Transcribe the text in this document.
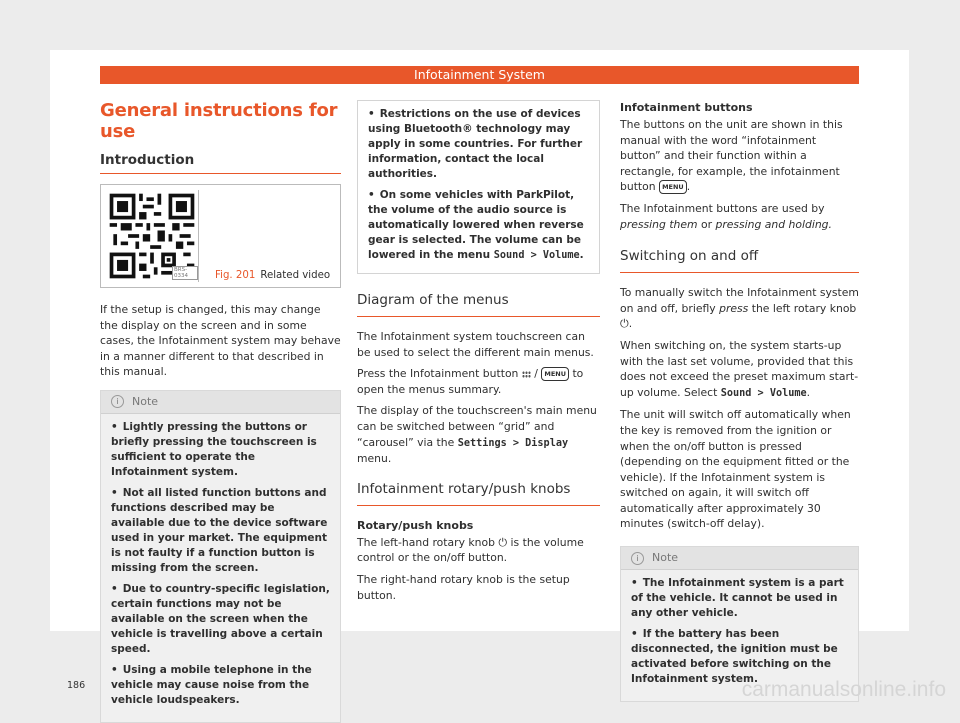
Infotainment System
General instructions for use
Introduction
BRS-0334	Fig. 201 Related video

If the setup is changed, this may change the display on the screen and in some cases, the Infotainment system may behave in a manner different to that described in this manual.

i Note
• Lightly pressing the buttons or briefly pressing the touchscreen is sufficient to operate the Infotainment system.
• Not all listed function buttons and functions described may be available due to the device software used in your market. The equipment is not faulty if a function button is missing from the screen.
• Due to country-specific legislation, certain functions may not be available on the screen when the vehicle is travelling above a certain speed.
• Using a mobile telephone in the vehicle may cause noise from the vehicle loudspeakers.
• Restrictions on the use of devices using Bluetooth® technology may apply in some countries. For further information, contact the local authorities.
• On some vehicles with ParkPilot, the volume of the audio source is automatically lowered when reverse gear is selected. The volume can be lowered in the menu Sound > Volume.
Diagram of the menus

The Infotainment system touchscreen can be used to select the different main menus.

Press the Infotainment button / MENU to open the menus summary.

The display of the touchscreen's main menu can be switched between “grid” and “carousel” via the Settings > Display menu.

Infotainment rotary/push knobs
Rotary/push knobs

The left-hand rotary knob ⏻ is the volume control or the on/off button.

The right-hand rotary knob is the setup button.

Infotainment buttons

The buttons on the unit are shown in this manual with the word “infotainment button” and their function within a rectangle, for example, the infotainment button MENU .

The Infotainment buttons are used by pressing them or pressing and holding.

Switching on and off

To manually switch the Infotainment system on and off, briefly press the left rotary knob ⏻.

When switching on, the system starts-up with the last set volume, provided that this does not exceed the preset maximum start-up volume. Select Sound > Volume.

The unit will switch off automatically when the key is removed from the ignition or when the on/off button is pressed (depending on the equipment fitted or the vehicle). If the Infotainment system is switched on again, it will switch off automatically after approximately 30 minutes (switch-off delay).

i Note
• The Infotainment system is a part of the vehicle. It cannot be used in any other vehicle.
• If the battery has been disconnected, the ignition must be activated before switching on the Infotainment system.
186	carmanualsonline.info
